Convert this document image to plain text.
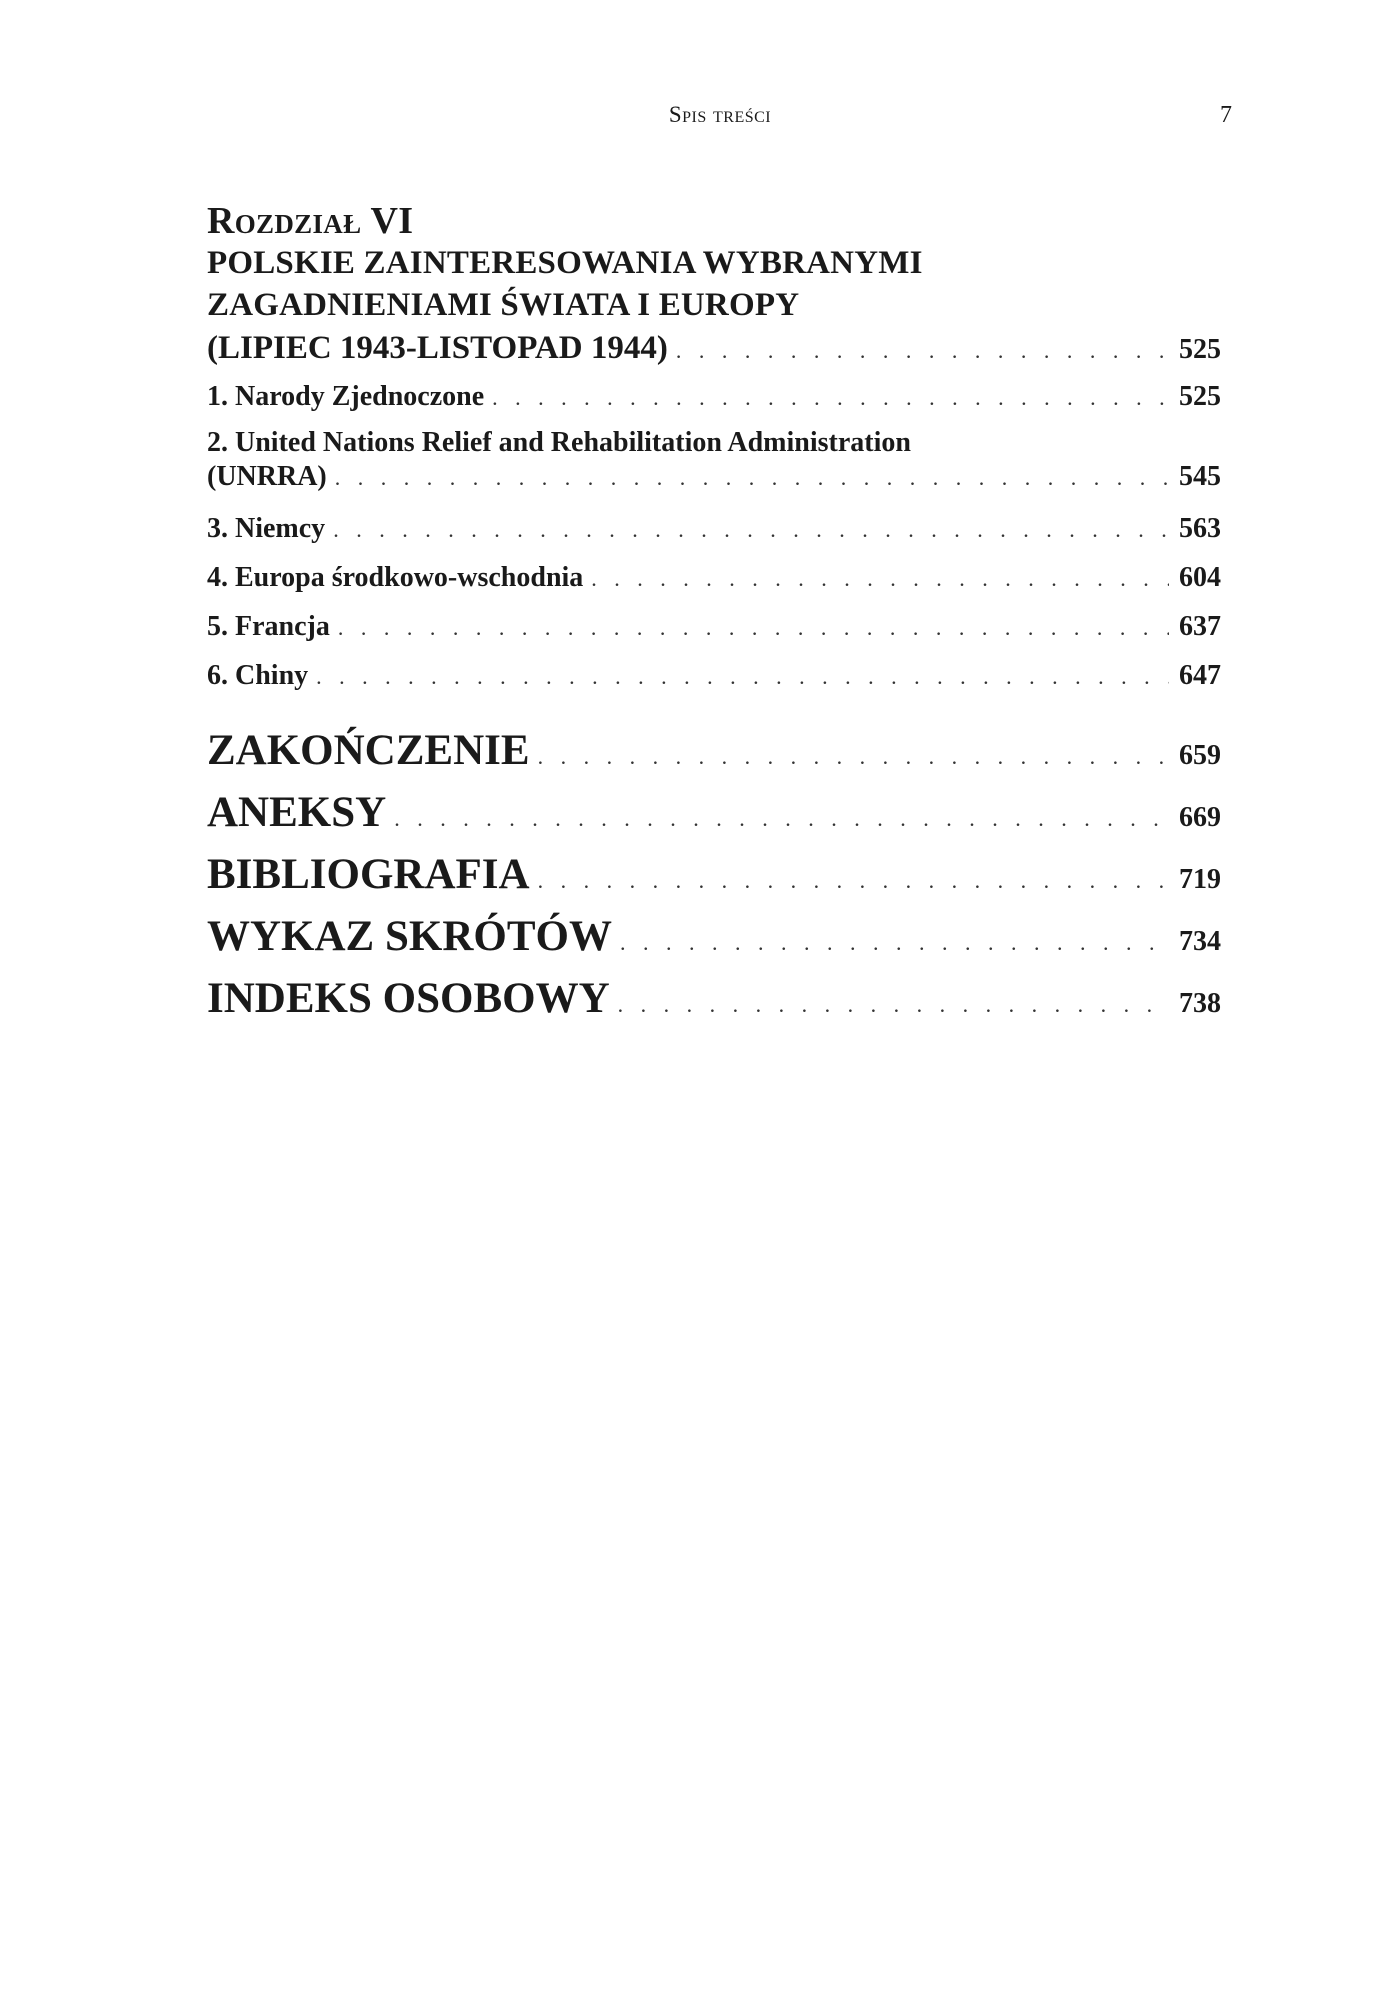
Spis treści	7
Rozdział VI
POLSKIE ZAINTERESOWANIA WYBRANYMI
ZAGADNIENIAMI ŚWIATA I EUROPY
(LIPIEC 1943-LISTOPAD 1944) . . .	525
1. Narody Zjednoczone . . .	525
2. United Nations Relief and Rehabilitation Administration
(UNRRA) . . .	545
3. Niemcy . . .	563
4. Europa środkowo-wschodnia . . .	604
5. Francja . . .	637
6. Chiny . . .	647
ZAKOŃCZENIE . . .	659
ANEKSY . . .	669
BIBLIOGRAFIA . . .	719
WYKAZ SKRÓTÓW . . .	734
INDEKS OSOBOWY . . .	738
